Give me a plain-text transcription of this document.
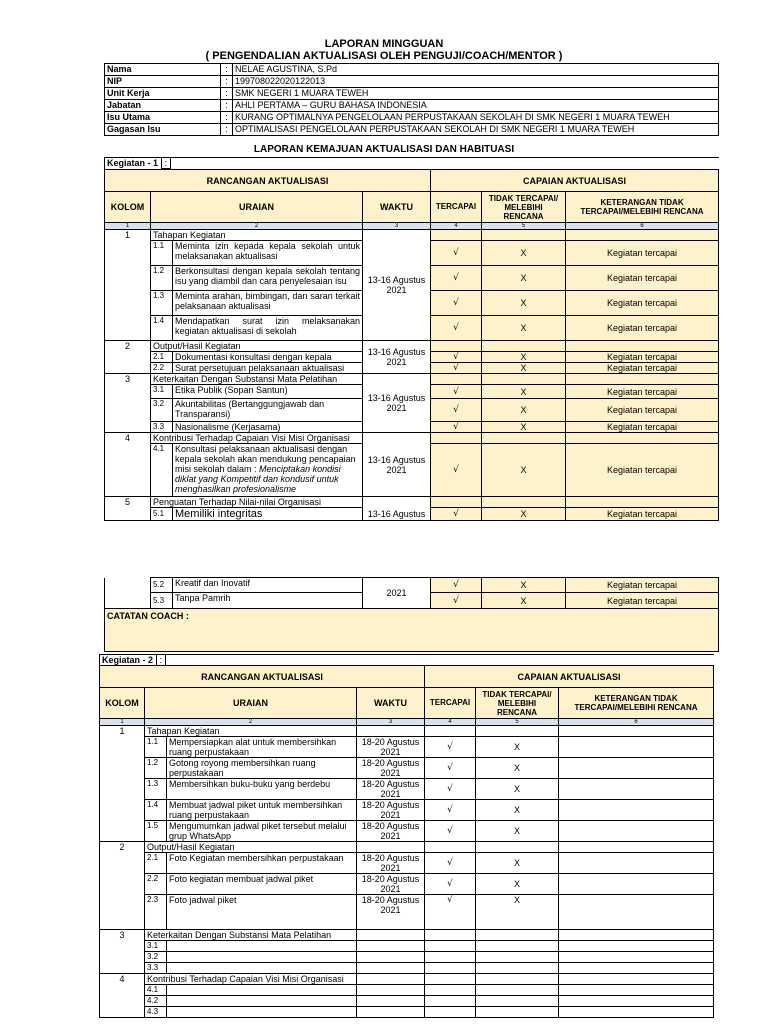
LAPORAN MINGGUAN
( PENGENDALIAN AKTUALISASI OLEH PENGUJI/COACH/MENTOR )
Nama	:	NELAE AGUSTINA, S.Pd
NIP	:	199708022020122013
Unit Kerja	:	SMK NEGERI 1 MUARA TEWEH
Jabatan	:	AHLI PERTAMA – GURU BAHASA INDONESIA
Isu Utama	:	KURANG OPTIMALNYA PENGELOLAAN PERPUSTAKAAN SEKOLAH DI SMK NEGERI 1 MUARA TEWEH
Gagasan Isu	:	OPTIMALISASI PENGELOLAAN PERPUSTAKAAN SEKOLAH DI SMK NEGERI 1 MUARA TEWEH
LAPORAN KEMAJUAN AKTUALISASI DAN HABITUASI
Kegiatan - 1 :						
RANCANGAN AKTUALISASI				CAPAIAN AKTUALISASI		
KOLOM	URAIAN		WAKTU	TERCAPAI	TIDAK TERCAPAI/ MELEBIHI RENCANA	KETERANGAN TIDAK TERCAPAI/MELEBIHI RENCANA
1	2		3	4	5	6
1	Tahapan Kegiatan		13-16 Agustus 2021			
	1.1	Meminta izin kepada kepala sekolah untuk melaksanakan aktualisasi		√	X	Kegiatan tercapai
	1.2	Berkonsultasi dengan kepala sekolah tentang isu yang diambil dan cara penyelesaian isu		√	X	Kegiatan tercapai
	1.3	Meminta arahan, bimbingan, dan saran terkait pelaksanaan aktualisasi		√	X	Kegiatan tercapai
	1.4	Mendapatkan surat izin melaksanakan kegiatan aktualisasi di sekolah		√	X	Kegiatan tercapai
2	Output/Hasil Kegiatan		13-16 Agustus 2021			
	2.1	Dokumentasi konsultasi dengan kepala		√	X	Kegiatan tercapai
	2.2	Surat persetujuan pelaksanaan aktualisasi		√	X	Kegiatan tercapai
3	Keterkaitan Dengan Substansi Mata Pelatihan		13-16 Agustus 2021			
	3.1	Etika Publik (Sopan Santun)		√	X	Kegiatan tercapai
	3.2	Akuntabilitas (Bertanggungjawab dan Transparansi)		√	X	Kegiatan tercapai
	3.3	Nasionalisme (Kerjasama)		√	X	Kegiatan tercapai
4	Kontribusi Terhadap Capaian Visi Misi Organisasi		13-16 Agustus 2021			
	4.1	Konsultasi pelaksanaan aktualisasi dengan kepala sekolah akan mendukung pencapaian misi sekolah dalam : Menciptakan kondisi diklat yang Kompetitif dan kondusif untuk menghasilkan profesionalisme		√	X	Kegiatan tercapai
5	Penguatan Terhadap Nilai-nilai Organisasi					
	5.1	Memiliki integritas	13-16 Agustus	√	X	Kegiatan tercapai
	5.2	Kreatif dan Inovatif	2021	√	X	Kegiatan tercapai
	5.3	Tanpa Pamrih		√	X	Kegiatan tercapai
CATATAN COACH :						
Kegiatan - 2 :						
RANCANGAN AKTUALISASI				CAPAIAN AKTUALISASI		
KOLOM	URAIAN		WAKTU	TERCAPAI	TIDAK TERCAPAI/ MELEBIHI RENCANA	KETERANGAN TIDAK TERCAPAI/MELEBIHI RENCANA
1	2		3	4	5	6
1	Tahapan Kegiatan					
	1.1	Mempersiapkan alat untuk membersihkan ruang perpustakaan	18-20 Agustus 2021	√	X	
	1.2	Gotong royong membersihkan ruang perpustakaan	18-20 Agustus 2021	√	X	
	1.3	Membersihkan buku-buku yang berdebu	18-20 Agustus 2021	√	X	
	1.4	Membuat jadwal piket untuk membersihkan ruang perpustakaan	18-20 Agustus 2021	√	X	
	1.5	Mengumumkan jadwal piket tersebut melalui grup WhatsApp	18-20 Agustus 2021	√	X	
2	Output/Hasil Kegiatan					
	2.1	Foto Kegiatan membersihkan perpustakaan	18-20 Agustus 2021	√	X	
	2.2	Foto kegiatan membuat jadwal piket	18-20 Agustus 2021	√	X	
	2.3	Foto jadwal piket	18-20 Agustus 2021	√	X	
3	Keterkaitan Dengan Substansi Mata Pelatihan					
	3.1					
	3.2					
	3.3					
4	Kontribusi Terhadap Capaian Visi Misi Organisasi					
	4.1					
	4.2					
	4.3					
